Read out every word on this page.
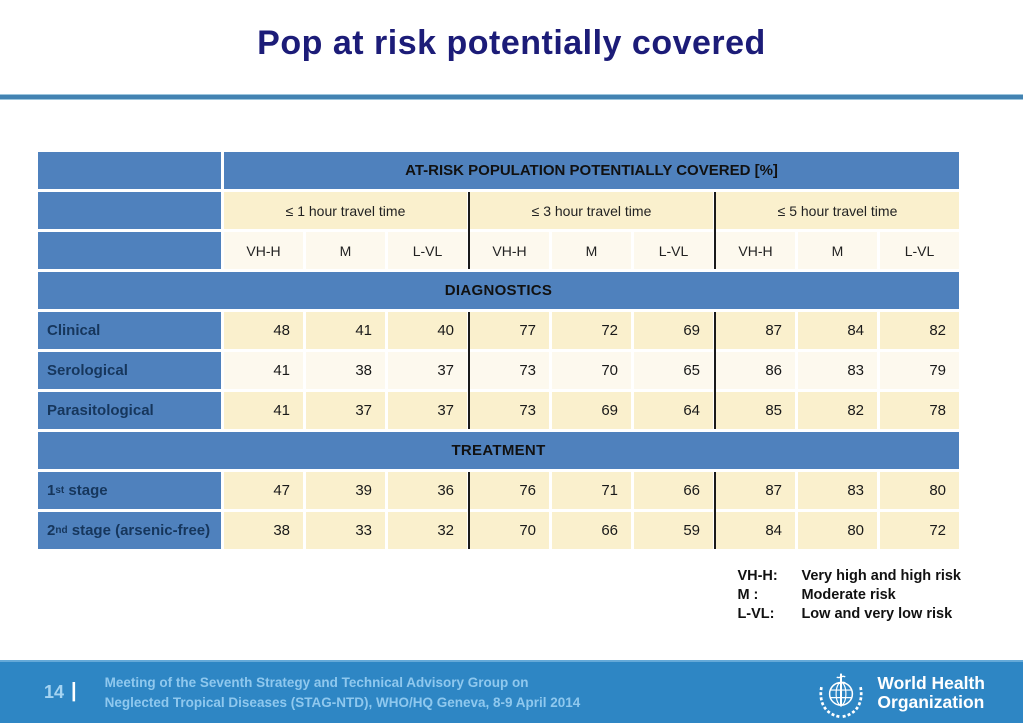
Pop at risk potentially covered
AT-RISK POPULATION POTENTIALLY COVERED [%]
≤ 1 hour travel time	≤ 3 hour travel time	≤ 5 hour travel time
VH-H	M	L-VL	VH-H	M	L-VL	VH-H	M	L-VL
DIAGNOSTICS
Clinical	48	41	40	77	72	69	87	84	82
Serological	41	38	37	73	70	65	86	83	79
Parasitological	41	37	37	73	69	64	85	82	78
TREATMENT
1 st stage	47	39	36	76	71	66	87	83	80
2 nd stage (arsenic-free)	38	33	32	70	66	59	84	80	72
VH-H:	Very high and high risk
M :	Moderate risk
L-VL:	Low and very low risk
14 | Meeting of the Seventh Strategy and Technical Advisory Group on
Neglected Tropical Diseases (STAG-NTD), WHO/HQ Geneva, 8-9 April 2014
World Health
Organization
